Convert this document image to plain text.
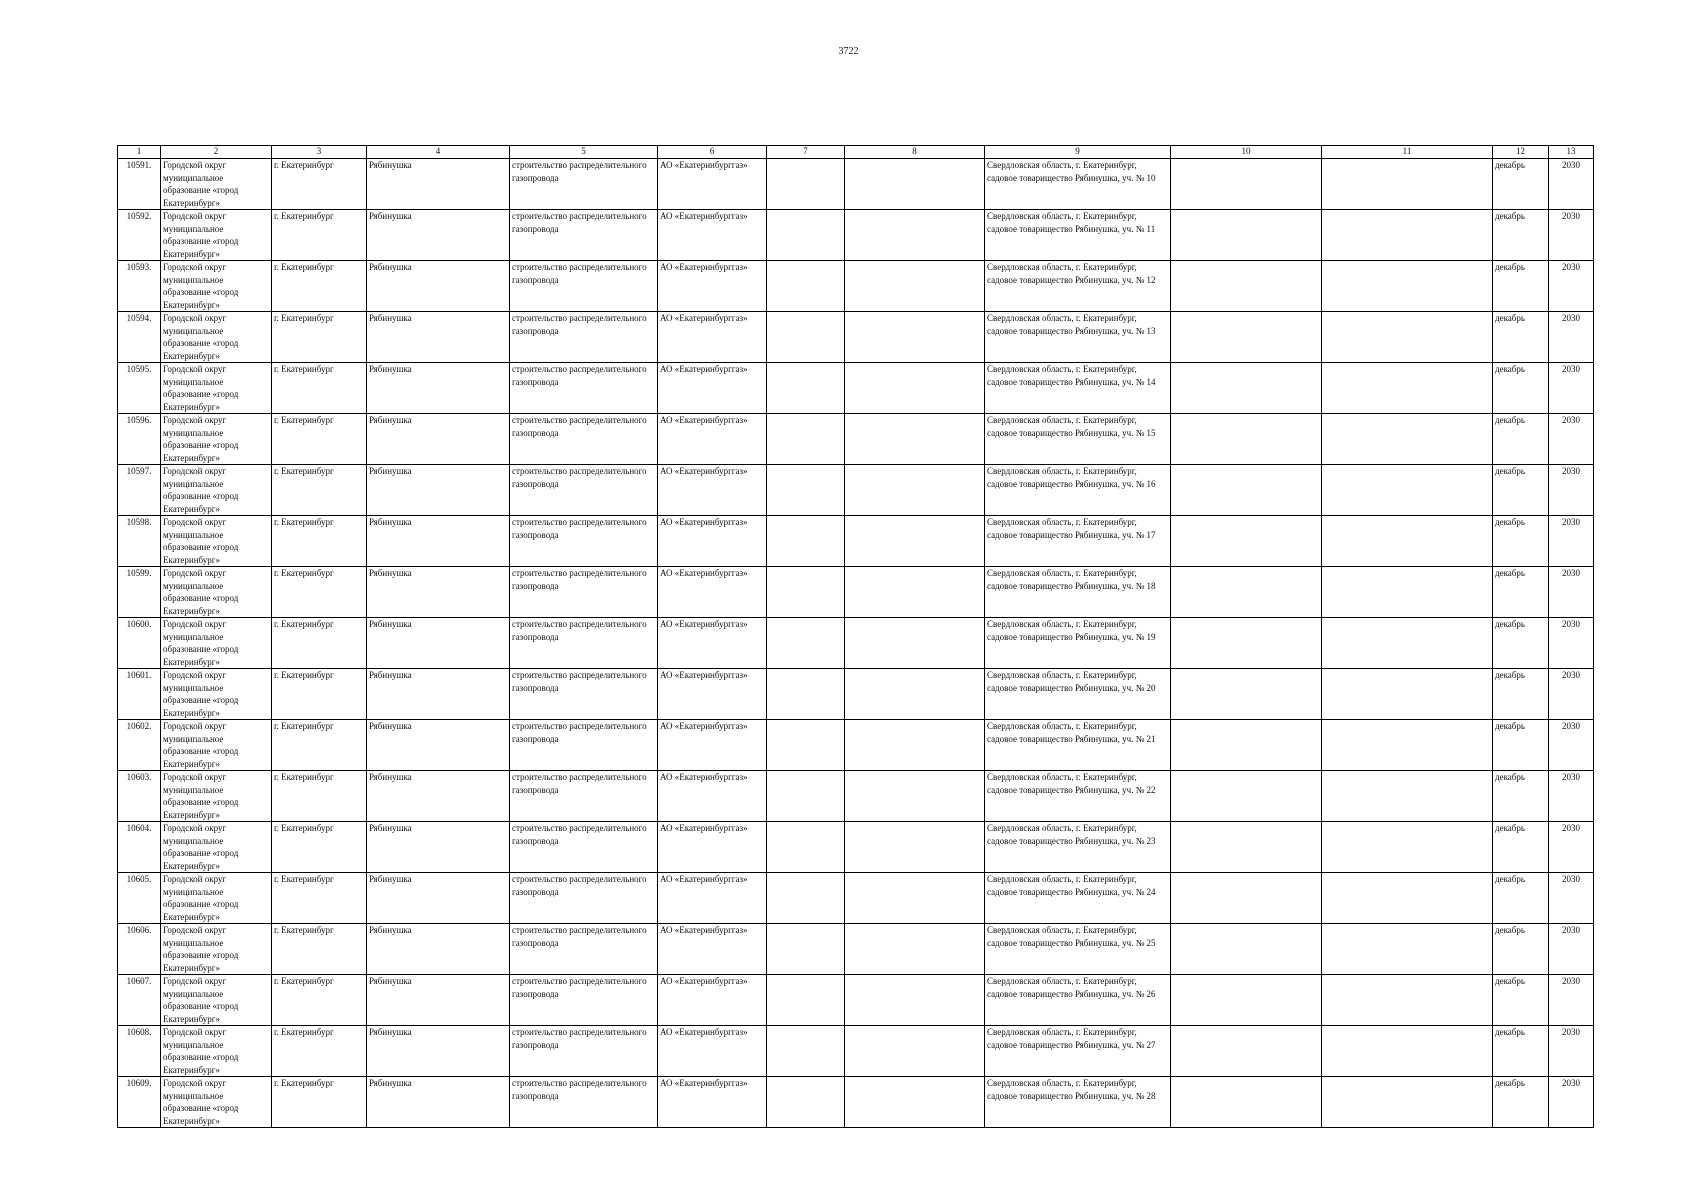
3722
1	2	3	4	5	6	7	8	9	10	11	12	13
10591.	Городской округ муниципальное образование «город Екатеринбург»	г. Екатеринбург	Рябинушка	строительство распределительного газопровода	АО «Екатеринбурггаз»			Свердловская область, г. Екатеринбург, садовое товарищество Рябинушка, уч. № 10			декабрь	2030
10592.	Городской округ муниципальное образование «город Екатеринбург»	г. Екатеринбург	Рябинушка	строительство распределительного газопровода	АО «Екатеринбурггаз»			Свердловская область, г. Екатеринбург, садовое товарищество Рябинушка, уч. № 11			декабрь	2030
10593.	Городской округ муниципальное образование «город Екатеринбург»	г. Екатеринбург	Рябинушка	строительство распределительного газопровода	АО «Екатеринбурггаз»			Свердловская область, г. Екатеринбург, садовое товарищество Рябинушка, уч. № 12			декабрь	2030
10594.	Городской округ муниципальное образование «город Екатеринбург»	г. Екатеринбург	Рябинушка	строительство распределительного газопровода	АО «Екатеринбурггаз»			Свердловская область, г. Екатеринбург, садовое товарищество Рябинушка, уч. № 13			декабрь	2030
10595.	Городской округ муниципальное образование «город Екатеринбург»	г. Екатеринбург	Рябинушка	строительство распределительного газопровода	АО «Екатеринбурггаз»			Свердловская область, г. Екатеринбург, садовое товарищество Рябинушка, уч. № 14			декабрь	2030
10596.	Городской округ муниципальное образование «город Екатеринбург»	г. Екатеринбург	Рябинушка	строительство распределительного газопровода	АО «Екатеринбурггаз»			Свердловская область, г. Екатеринбург, садовое товарищество Рябинушка, уч. № 15			декабрь	2030
10597.	Городской округ муниципальное образование «город Екатеринбург»	г. Екатеринбург	Рябинушка	строительство распределительного газопровода	АО «Екатеринбурггаз»			Свердловская область, г. Екатеринбург, садовое товарищество Рябинушка, уч. № 16			декабрь	2030
10598.	Городской округ муниципальное образование «город Екатеринбург»	г. Екатеринбург	Рябинушка	строительство распределительного газопровода	АО «Екатеринбурггаз»			Свердловская область, г. Екатеринбург, садовое товарищество Рябинушка, уч. № 17			декабрь	2030
10599.	Городской округ муниципальное образование «город Екатеринбург»	г. Екатеринбург	Рябинушка	строительство распределительного газопровода	АО «Екатеринбурггаз»			Свердловская область, г. Екатеринбург, садовое товарищество Рябинушка, уч. № 18			декабрь	2030
10600.	Городской округ муниципальное образование «город Екатеринбург»	г. Екатеринбург	Рябинушка	строительство распределительного газопровода	АО «Екатеринбурггаз»			Свердловская область, г. Екатеринбург, садовое товарищество Рябинушка, уч. № 19			декабрь	2030
10601.	Городской округ муниципальное образование «город Екатеринбург»	г. Екатеринбург	Рябинушка	строительство распределительного газопровода	АО «Екатеринбурггаз»			Свердловская область, г. Екатеринбург, садовое товарищество Рябинушка, уч. № 20			декабрь	2030
10602.	Городской округ муниципальное образование «город Екатеринбург»	г. Екатеринбург	Рябинушка	строительство распределительного газопровода	АО «Екатеринбурггаз»			Свердловская область, г. Екатеринбург, садовое товарищество Рябинушка, уч. № 21			декабрь	2030
10603.	Городской округ муниципальное образование «город Екатеринбург»	г. Екатеринбург	Рябинушка	строительство распределительного газопровода	АО «Екатеринбурггаз»			Свердловская область, г. Екатеринбург, садовое товарищество Рябинушка, уч. № 22			декабрь	2030
10604.	Городской округ муниципальное образование «город Екатеринбург»	г. Екатеринбург	Рябинушка	строительство распределительного газопровода	АО «Екатеринбурггаз»			Свердловская область, г. Екатеринбург, садовое товарищество Рябинушка, уч. № 23			декабрь	2030
10605.	Городской округ муниципальное образование «город Екатеринбург»	г. Екатеринбург	Рябинушка	строительство распределительного газопровода	АО «Екатеринбурггаз»			Свердловская область, г. Екатеринбург, садовое товарищество Рябинушка, уч. № 24			декабрь	2030
10606.	Городской округ муниципальное образование «город Екатеринбург»	г. Екатеринбург	Рябинушка	строительство распределительного газопровода	АО «Екатеринбурггаз»			Свердловская область, г. Екатеринбург, садовое товарищество Рябинушка, уч. № 25			декабрь	2030
10607.	Городской округ муниципальное образование «город Екатеринбург»	г. Екатеринбург	Рябинушка	строительство распределительного газопровода	АО «Екатеринбурггаз»			Свердловская область, г. Екатеринбург, садовое товарищество Рябинушка, уч. № 26			декабрь	2030
10608.	Городской округ муниципальное образование «город Екатеринбург»	г. Екатеринбург	Рябинушка	строительство распределительного газопровода	АО «Екатеринбурггаз»			Свердловская область, г. Екатеринбург, садовое товарищество Рябинушка, уч. № 27			декабрь	2030
10609.	Городской округ муниципальное образование «город Екатеринбург»	г. Екатеринбург	Рябинушка	строительство распределительного газопровода	АО «Екатеринбурггаз»			Свердловская область, г. Екатеринбург, садовое товарищество Рябинушка, уч. № 28			декабрь	2030
